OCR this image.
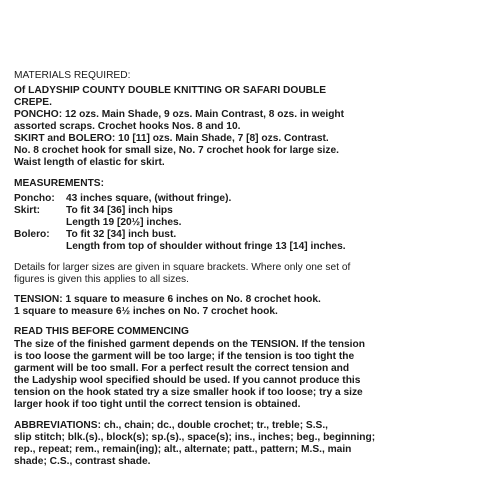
MATERIALS REQUIRED:
Of LADYSHIP COUNTY DOUBLE KNITTING OR SAFARI DOUBLE
CREPE.
PONCHO: 12 ozs. Main Shade, 9 ozs. Main Contrast, 8 ozs. in weight
assorted scraps. Crochet hooks Nos. 8 and 10.
SKIRT and BOLERO: 10 [11] ozs. Main Shade, 7 [8] ozs. Contrast.
No. 8 crochet hook for small size, No. 7 crochet hook for large size.
Waist length of elastic for skirt.
MEASUREMENTS:
Poncho: 43 inches square, (without fringe).
Skirt:	To fit 34 [36] inch hips
Length 19 [20½] inches.
Bolero: To fit 32 [34] inch bust.
Length from top of shoulder without fringe 13 [14] inches.
Details for larger sizes are given in square brackets. Where only one set of
figures is given this applies to all sizes.
TENSION: 1 square to measure 6 inches on No. 8 crochet hook.
1 square to measure 6½ inches on No. 7 crochet hook.
READ THIS BEFORE COMMENCING
The size of the finished garment depends on the TENSION. If the tension
is too loose the garment will be too large; if the tension is too tight the
garment will be too small. For a perfect result the correct tension and
the Ladyship wool specified should be used. If you cannot produce this
tension on the hook stated try a size smaller hook if too loose; try a size
larger hook if too tight until the correct tension is obtained.
ABBREVIATIONS: ch., chain; dc., double crochet; tr., treble; S.S.,
slip stitch; blk.(s)., block(s); sp.(s)., space(s); ins., inches; beg., beginning;
rep., repeat; rem., remain(ing); alt., alternate; patt., pattern; M.S., main
shade; C.S., contrast shade.
